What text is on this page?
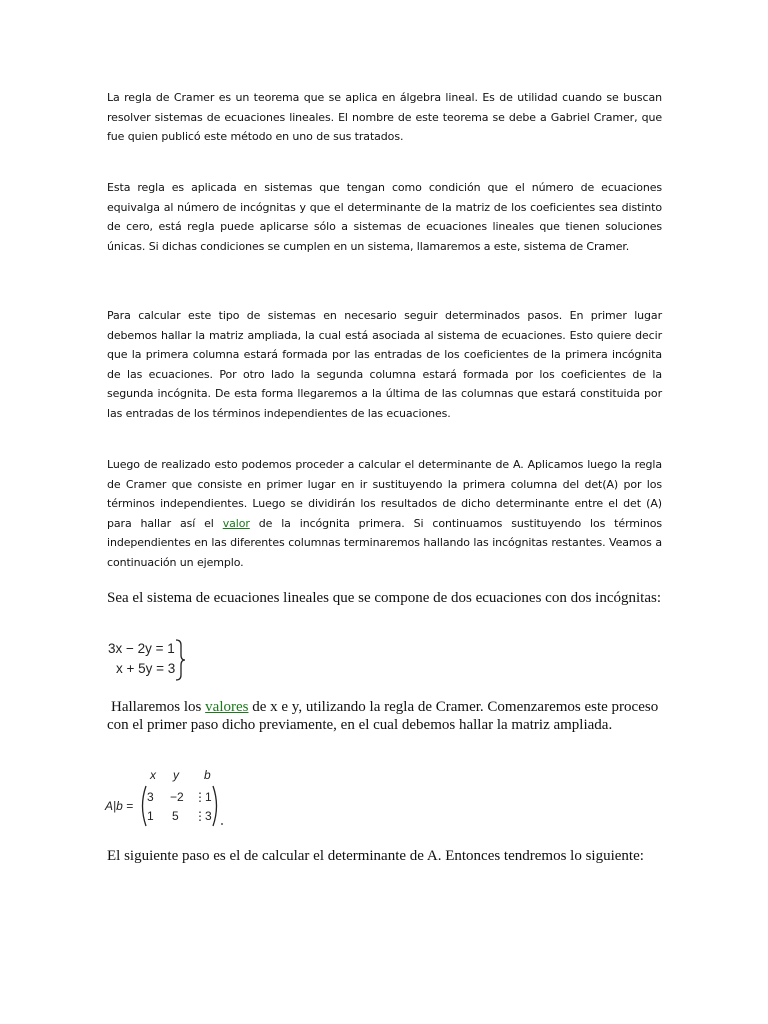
La regla de Cramer es un teorema que se aplica en álgebra lineal. Es de utilidad cuando se buscan resolver sistemas de ecuaciones lineales. El nombre de este teorema se debe a Gabriel Cramer, que fue quien publicó este método en uno de sus tratados.

Esta regla es aplicada en sistemas que tengan como condición que el número de ecuaciones equivalga al número de incógnitas y que el determinante de la matriz de los coeficientes sea distinto de cero, está regla puede aplicarse sólo a sistemas de ecuaciones lineales que tienen soluciones únicas. Si dichas condiciones se cumplen en un sistema, llamaremos a este, sistema de Cramer.

Para calcular este tipo de sistemas en necesario seguir determinados pasos. En primer lugar debemos hallar la matriz ampliada, la cual está asociada al sistema de ecuaciones. Esto quiere decir que la primera columna estará formada por las entradas de los coeficientes de la primera incógnita de las ecuaciones. Por otro lado la segunda columna estará formada por los coeficientes de la segunda incógnita. De esta forma llegaremos a la última de las columnas que estará constituida por las entradas de los términos independientes de las ecuaciones.

Luego de realizado esto podemos proceder a calcular el determinante de A. Aplicamos luego la regla de Cramer que consiste en primer lugar en ir sustituyendo la primera columna del det(A) por los términos independientes. Luego se dividirán los resultados de dicho determinante entre el det (A) para hallar así el valor de la incógnita primera. Si continuamos sustituyendo los términos independientes en las diferentes columnas terminaremos hallando las incógnitas restantes. Veamos a continuación un ejemplo.

Sea el sistema de ecuaciones lineales que se compone de dos ecuaciones con dos incógnitas:

3x − 2y = 1
x + 5y = 3

Hallaremos los valores de x e y, utilizando la regla de Cramer. Comenzaremos este proceso con el primer paso dicho previamente, en el cual debemos hallar la matriz ampliada.

x y b
A|b =
3 −2 ⋮ 1
1 5 ⋮ 3

El siguiente paso es el de calcular el determinante de A. Entonces tendremos lo siguiente:
